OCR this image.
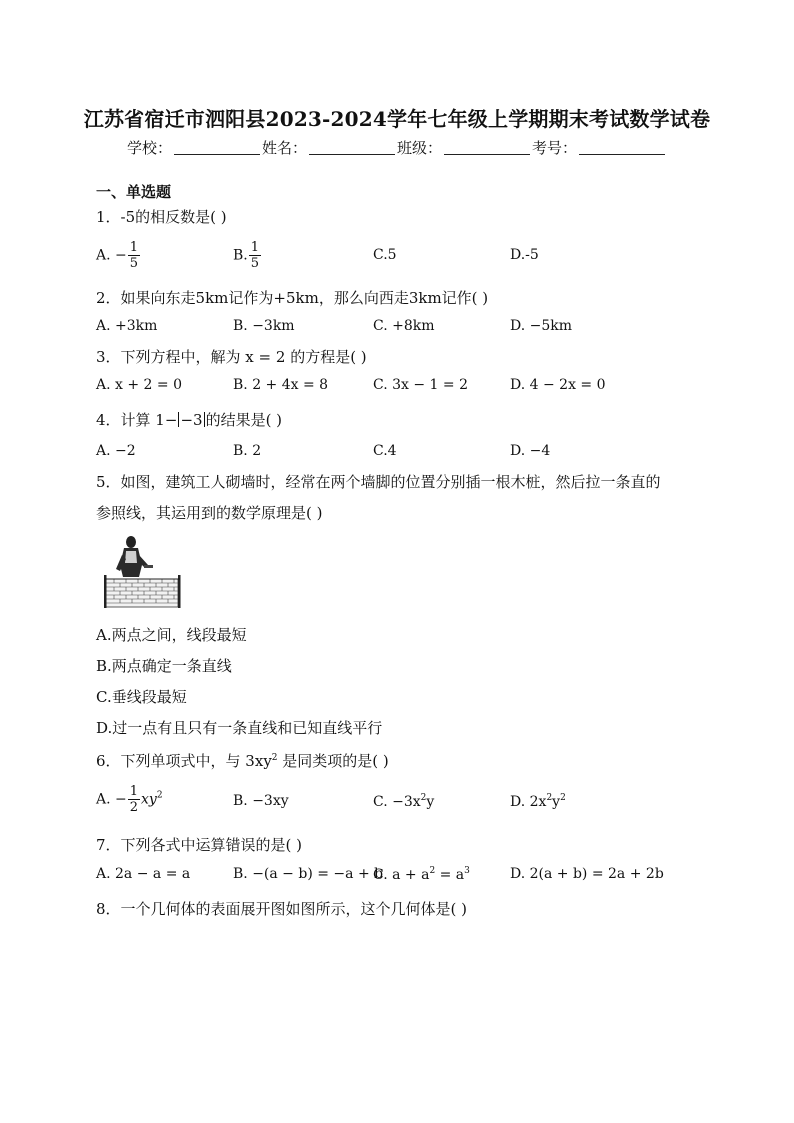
江苏省宿迁市泗阳县2023-2024学年七年级上学期期末考试数学试卷
学校：	姓名：	班级：	考号：
一、单选题
1．-5的相反数是( )
A. − $\frac{1}{5}$	B. $\frac{1}{5}$	C.5	D.-5
2．如果向东走5km记作为+5km，那么向西走3km记作( )
A. +3km	B. −3km	C. +8km	D. −5km
3．下列方程中，解为 x = 2 的方程是( )
A. x + 2 = 0	B. 2 + 4x = 8	C. 3x − 1 = 2	D. 4 − 2x = 0
4．计算 1− −3 的结果是( )
A. −2	B. 2	C.4	D. −4
5．如图，建筑工人砌墙时，经常在两个墙脚的位置分别插一根木桩，然后拉一条直的
参照线，其运用到的数学原理是( )
A.两点之间，线段最短
B.两点确定一条直线
C.垂线段最短
D.过一点有且只有一条直线和已知直线平行
6．下列单项式中，与 $3xy^2$ 是同类项的是( )
A. − $\frac{1}{2} xy^2$	B. −3xy	C. $-3x^2y$	D. $2x^2y^2$
7．下列各式中运算错误的是( )
A. 2a − a = a	B. −(a − b) = −a + b
C. $a + a^2 = a^3$	D. 2(a + b) = 2a + 2b
8．一个几何体的表面展开图如图所示，这个几何体是( )
